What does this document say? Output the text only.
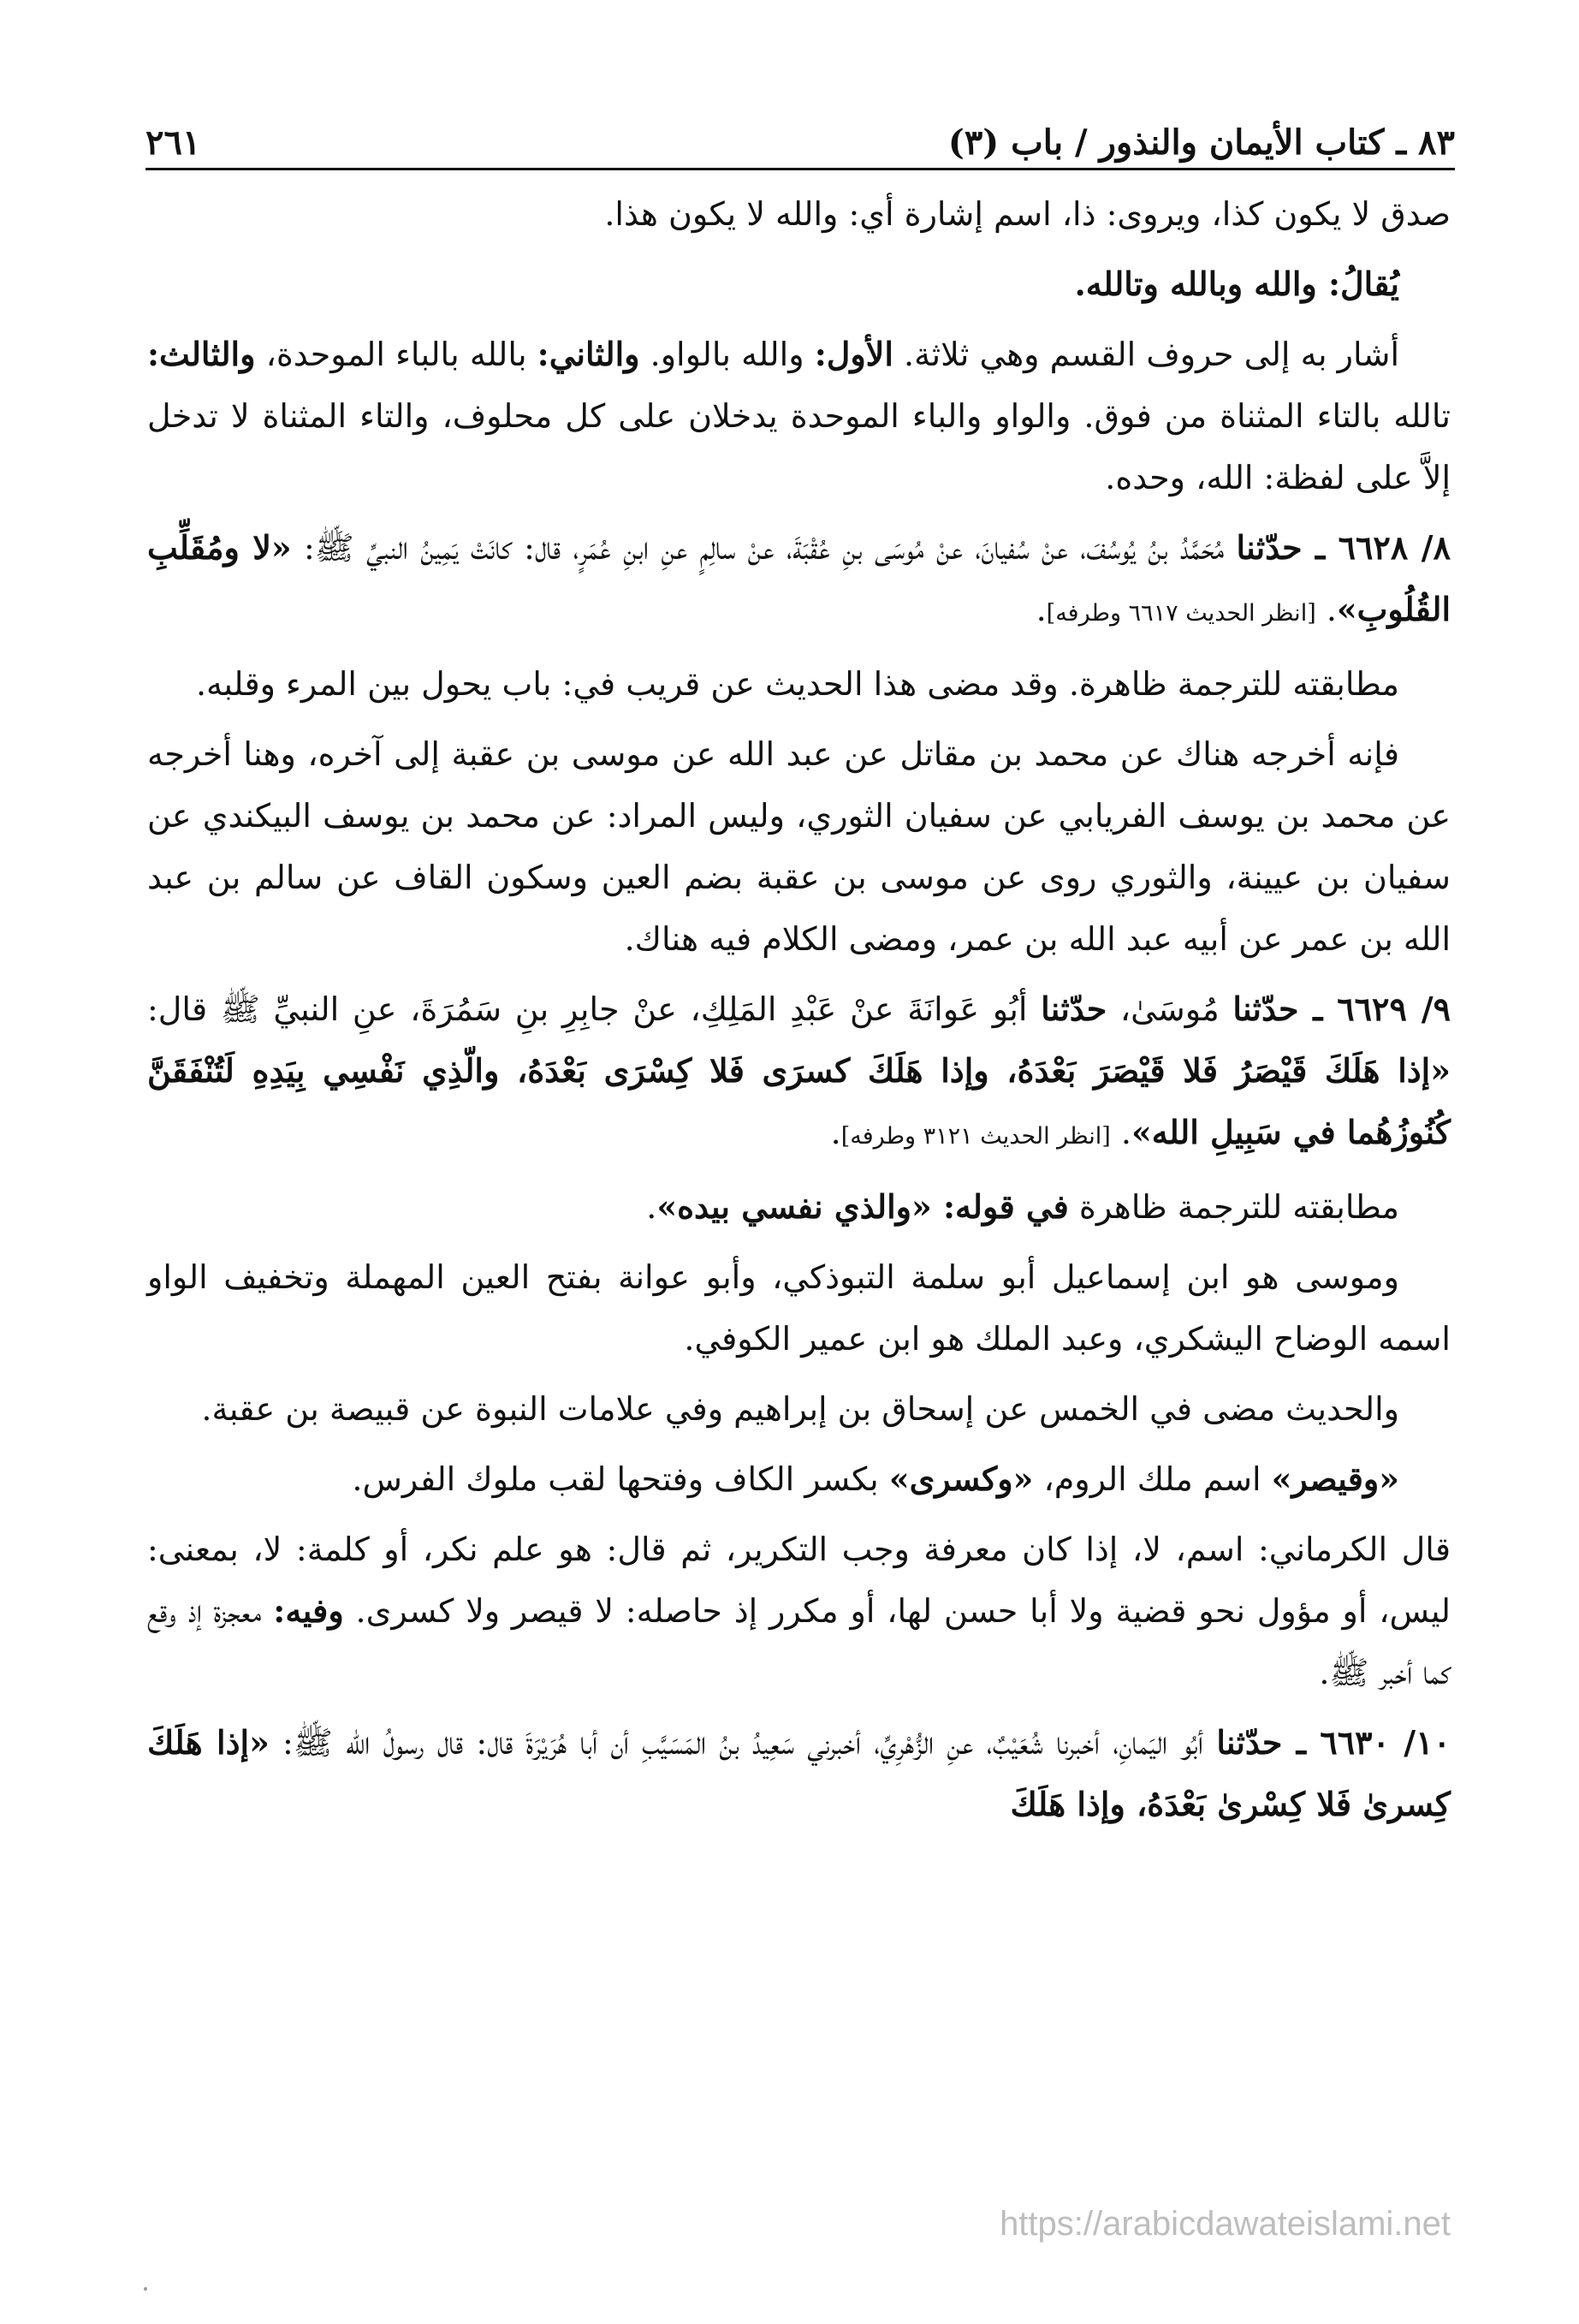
٨٣ ـ كتاب الأيمان والنذور / باب (٣)
٢٦١

صدق لا يكون كذا، ويروى: ذا، اسم إشارة أي: والله لا يكون هذا.

يُقالُ: والله وبالله وتالله.

أشار به إلى حروف القسم وهي ثلاثة. الأول: والله بالواو. والثاني: بالله بالباء الموحدة، والثالث: تالله بالتاء المثناة من فوق. والواو والباء الموحدة يدخلان على كل محلوف، والتاء المثناة لا تدخل إلاَّ على لفظة: الله، وحده.

٨/ ٦٦٢٨ ـ حدّثنا مُحَمَّدُ بنُ يُوسُفَ، عنْ سُفيانَ، عنْ مُوسَى بنِ عُقْبَةَ، عنْ سالِمٍ عنِ ابنِ عُمَرٍ، قال: كانَتْ يَمِينُ النبيِّ ﷺ: «لا ومُقَلِّبِ القُلُوبِ». [انظر الحديث ٦٦١٧ وطرفه].

مطابقته للترجمة ظاهرة. وقد مضى هذا الحديث عن قريب في: باب يحول بين المرء وقلبه.

فإنه أخرجه هناك عن محمد بن مقاتل عن عبد الله عن موسى بن عقبة إلى آخره، وهنا أخرجه عن محمد بن يوسف الفريابي عن سفيان الثوري، وليس المراد: عن محمد بن يوسف البيكندي عن سفيان بن عيينة، والثوري روى عن موسى بن عقبة بضم العين وسكون القاف عن سالم بن عبد الله بن عمر عن أبيه عبد الله بن عمر، ومضى الكلام فيه هناك.

٩/ ٦٦٢٩ ـ حدّثنا مُوسَىٰ، حدّثنا أبُو عَوانَةَ عنْ عَبْدِ المَلِكِ، عنْ جابِرِ بنِ سَمُرَةَ، عنِ النبيِّ ﷺ قال: «إذا هَلَكَ قَيْصَرُ فَلا قَيْصَرَ بَعْدَهُ، وإذا هَلَكَ كسرَى فَلا كِسْرَى بَعْدَهُ، والّذِي نَفْسِي بِيَدِهِ لَتُنْفَقَنَّ كُنُوزُهُما في سَبِيلِ الله». [انظر الحديث ٣١٢١ وطرفه].

مطابقته للترجمة ظاهرة في قوله: «والذي نفسي بيده».

وموسى هو ابن إسماعيل أبو سلمة التبوذكي، وأبو عوانة بفتح العين المهملة وتخفيف الواو اسمه الوضاح اليشكري، وعبد الملك هو ابن عمير الكوفي.

والحديث مضى في الخمس عن إسحاق بن إبراهيم وفي علامات النبوة عن قبيصة بن عقبة.

«وقيصر» اسم ملك الروم، «وكسرى» بكسر الكاف وفتحها لقب ملوك الفرس.

قال الكرماني: اسم، لا، إذا كان معرفة وجب التكرير، ثم قال: هو علم نكر، أو كلمة: لا، بمعنى: ليس، أو مؤول نحو قضية ولا أبا حسن لها، أو مكرر إذ حاصله: لا قيصر ولا كسرى. وفيه: معجزة إذ وقع كما أخبر ﷺ.

١٠/ ٦٦٣٠ ـ حدّثنا أبُو اليَمانِ، أخبرنا شُعَيْبٌ، عنِ الزُّهْرِيِّ، أخبرني سَعِيدُ بنُ المَسَيَّبِ أن أبا هُرَيْرَةَ قال: قال رسولُ الله ﷺ: «إذا هَلَكَ كِسرىٰ فَلا كِسْرىٰ بَعْدَهُ، وإذا هَلَكَ

https://arabicdawateislami.net
